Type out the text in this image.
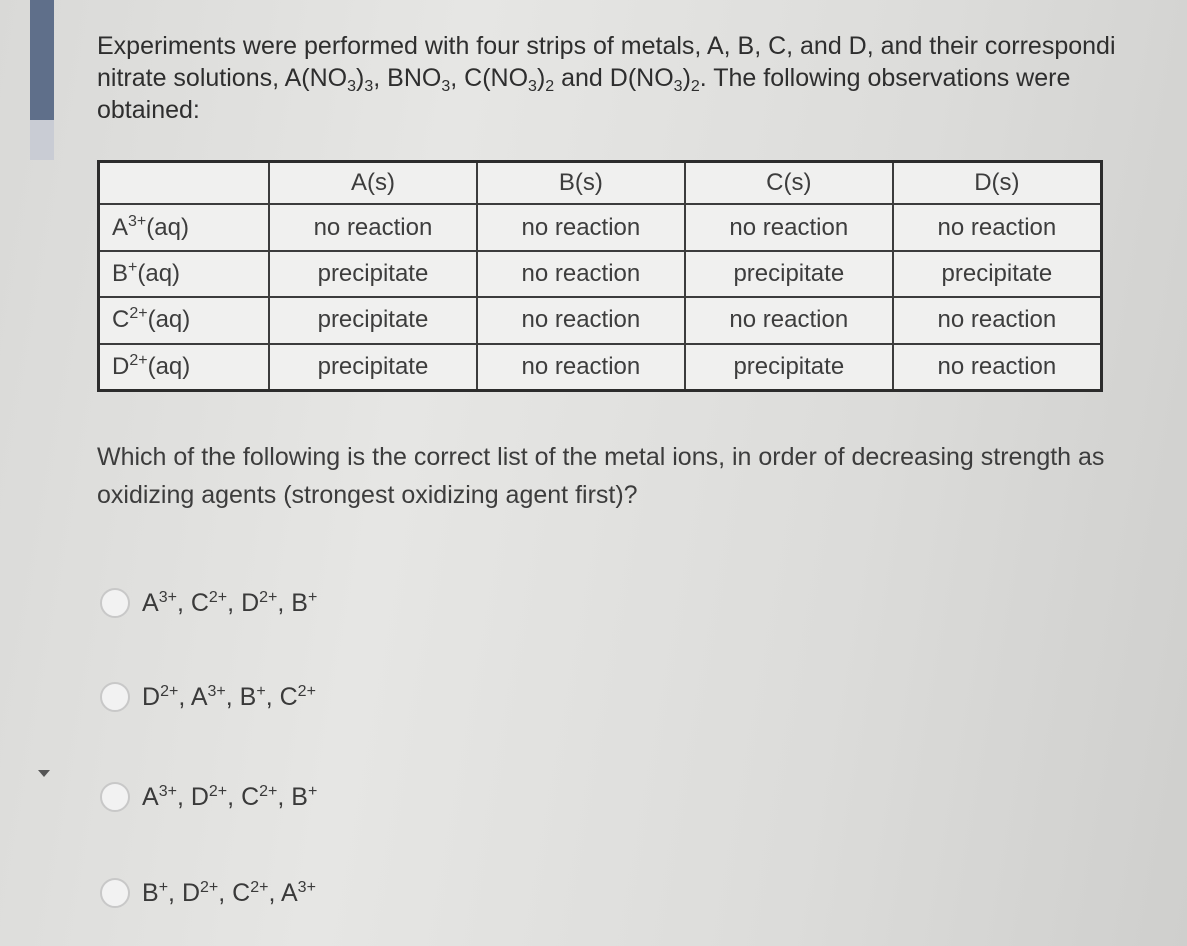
Experiments were performed with four strips of metals, A, B, C, and D, and their correspondi
nitrate solutions, $A(NO_3)_3$, $BNO_3$, $C(NO_3)_2$ and $D(NO_3)_2$. The following observations were
obtained:
	A(s)	B(s)	C(s)	D(s)
$A^{3+}(aq)$	no reaction	no reaction	no reaction	no reaction
B+(aq)	precipitate	no reaction	precipitate	precipitate
$C^{2+}(aq)$	precipitate	no reaction	no reaction	no reaction
$D^{2+}(aq)$	precipitate	no reaction	precipitate	no reaction
Which of the following is the correct list of the metal ions, in order of decreasing strength as
oxidizing agents (strongest oxidizing agent first)?
$A^{3+}$, $C^{2+}$, $D^{2+}$, B+
$D^{2+}$, $A^{3+}$, B+, $C^{2+}$
$A^{3+}$, $D^{2+}$, $C^{2+}$, B+
B+, $D^{2+}$, $C^{2+}$, $A^{3+}$
